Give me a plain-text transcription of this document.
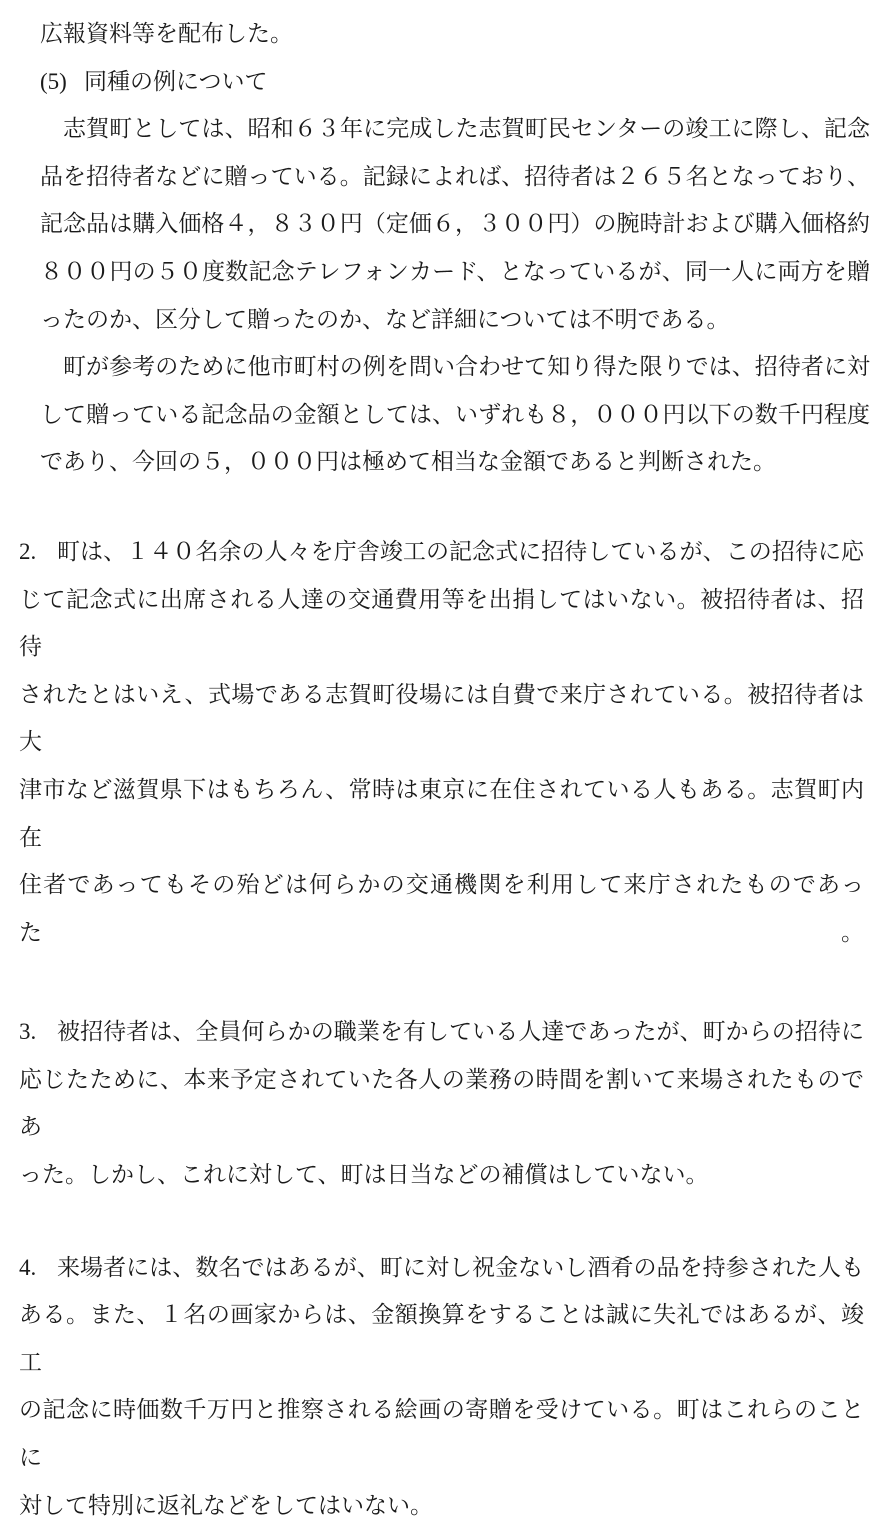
広報資料等を配布した。
(5) 同種の例について
志賀町としては、昭和６３年に完成した志賀町民センターの竣工に際し、記念
品を招待者などに贈っている。記録によれば、招待者は２６５名となっており、
記念品は購入価格４，８３０円（定価６，３００円）の腕時計および購入価格約
８００円の５０度数記念テレフォンカード、となっているが、同一人に両方を贈
ったのか、区分して贈ったのか、など詳細については不明である。
町が参考のために他市町村の例を問い合わせて知り得た限りでは、招待者に対
して贈っている記念品の金額としては、いずれも８，０００円以下の数千円程度
であり、今回の５，０００円は極めて相当な金額であると判断された。
2. 町は、１４０名余の人々を庁舎竣工の記念式に招待しているが、この招待に応
じて記念式に出席される人達の交通費用等を出捐してはいない。被招待者は、招待
されたとはいえ、式場である志賀町役場には自費で来庁されている。被招待者は大
津市など滋賀県下はもちろん、常時は東京に在住されている人もある。志賀町内在
住者であってもその殆どは何らかの交通機関を利用して来庁されたものであった。
3. 被招待者は、全員何らかの職業を有している人達であったが、町からの招待に
応じたために、本来予定されていた各人の業務の時間を割いて来場されたものであ
った。しかし、これに対して、町は日当などの補償はしていない。
4. 来場者には、数名ではあるが、町に対し祝金ないし酒肴の品を持参された人も
ある。また、１名の画家からは、金額換算をすることは誠に失礼ではあるが、竣工
の記念に時価数千万円と推察される絵画の寄贈を受けている。町はこれらのことに
対して特別に返礼などをしてはいない。
